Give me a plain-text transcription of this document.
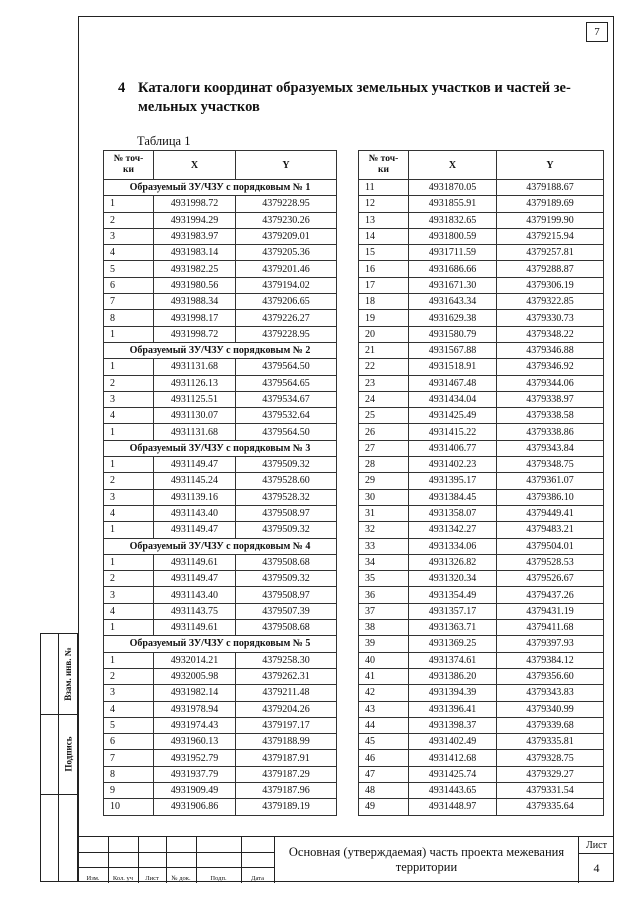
7
4 Каталоги координат образуемых земельных участков и частей зе-
мельных участков
Таблица 1
№ точ-
ки	X	Y
Образуемый ЗУ/ЧЗУ с порядковым № 1		
1	4931998.72	4379228.95
2	4931994.29	4379230.26
3	4931983.97	4379209.01
4	4931983.14	4379205.36
5	4931982.25	4379201.46
6	4931980.56	4379194.02
7	4931988.34	4379206.65
8	4931998.17	4379226.27
1	4931998.72	4379228.95
Образуемый ЗУ/ЧЗУ с порядковым № 2		
1	4931131.68	4379564.50
2	4931126.13	4379564.65
3	4931125.51	4379534.67
4	4931130.07	4379532.64
1	4931131.68	4379564.50
Образуемый ЗУ/ЧЗУ с порядковым № 3		
1	4931149.47	4379509.32
2	4931145.24	4379528.60
3	4931139.16	4379528.32
4	4931143.40	4379508.97
1	4931149.47	4379509.32
Образуемый ЗУ/ЧЗУ с порядковым № 4		
1	4931149.61	4379508.68
2	4931149.47	4379509.32
3	4931143.40	4379508.97
4	4931143.75	4379507.39
1	4931149.61	4379508.68
Образуемый ЗУ/ЧЗУ с порядковым № 5		
1	4932014.21	4379258.30
2	4932005.98	4379262.31
3	4931982.14	4379211.48
4	4931978.94	4379204.26
5	4931974.43	4379197.17
6	4931960.13	4379188.99
7	4931952.79	4379187.91
8	4931937.79	4379187.29
9	4931909.49	4379187.96
10	4931906.86	4379189.19
№ точ-
ки	X	Y
11	4931870.05	4379188.67
12	4931855.91	4379189.69
13	4931832.65	4379199.90
14	4931800.59	4379215.94
15	4931711.59	4379257.81
16	4931686.66	4379288.87
17	4931671.30	4379306.19
18	4931643.34	4379322.85
19	4931629.38	4379330.73
20	4931580.79	4379348.22
21	4931567.88	4379346.88
22	4931518.91	4379346.92
23	4931467.48	4379344.06
24	4931434.04	4379338.97
25	4931425.49	4379338.58
26	4931415.22	4379338.86
27	4931406.77	4379343.84
28	4931402.23	4379348.75
29	4931395.17	4379361.07
30	4931384.45	4379386.10
31	4931358.07	4379449.41
32	4931342.27	4379483.21
33	4931334.06	4379504.01
34	4931326.82	4379528.53
35	4931320.34	4379526.67
36	4931354.49	4379437.26
37	4931357.17	4379431.19
38	4931363.71	4379411.68
39	4931369.25	4379397.93
40	4931374.61	4379384.12
41	4931386.20	4379356.60
42	4931394.39	4379343.83
43	4931396.41	4379340.99
44	4931398.37	4379339.68
45	4931402.49	4379335.81
46	4931412.68	4379328.75
47	4931425.74	4379329.27
48	4931443.65	4379331.54
49	4931448.97	4379335.64
Взам. инв. №
Подпись
Изм.	Кол. уч	Лист	№ док.	Подп.	Дата
Основная (утверждаемая) часть проекта межевания
территории
Лист
4
